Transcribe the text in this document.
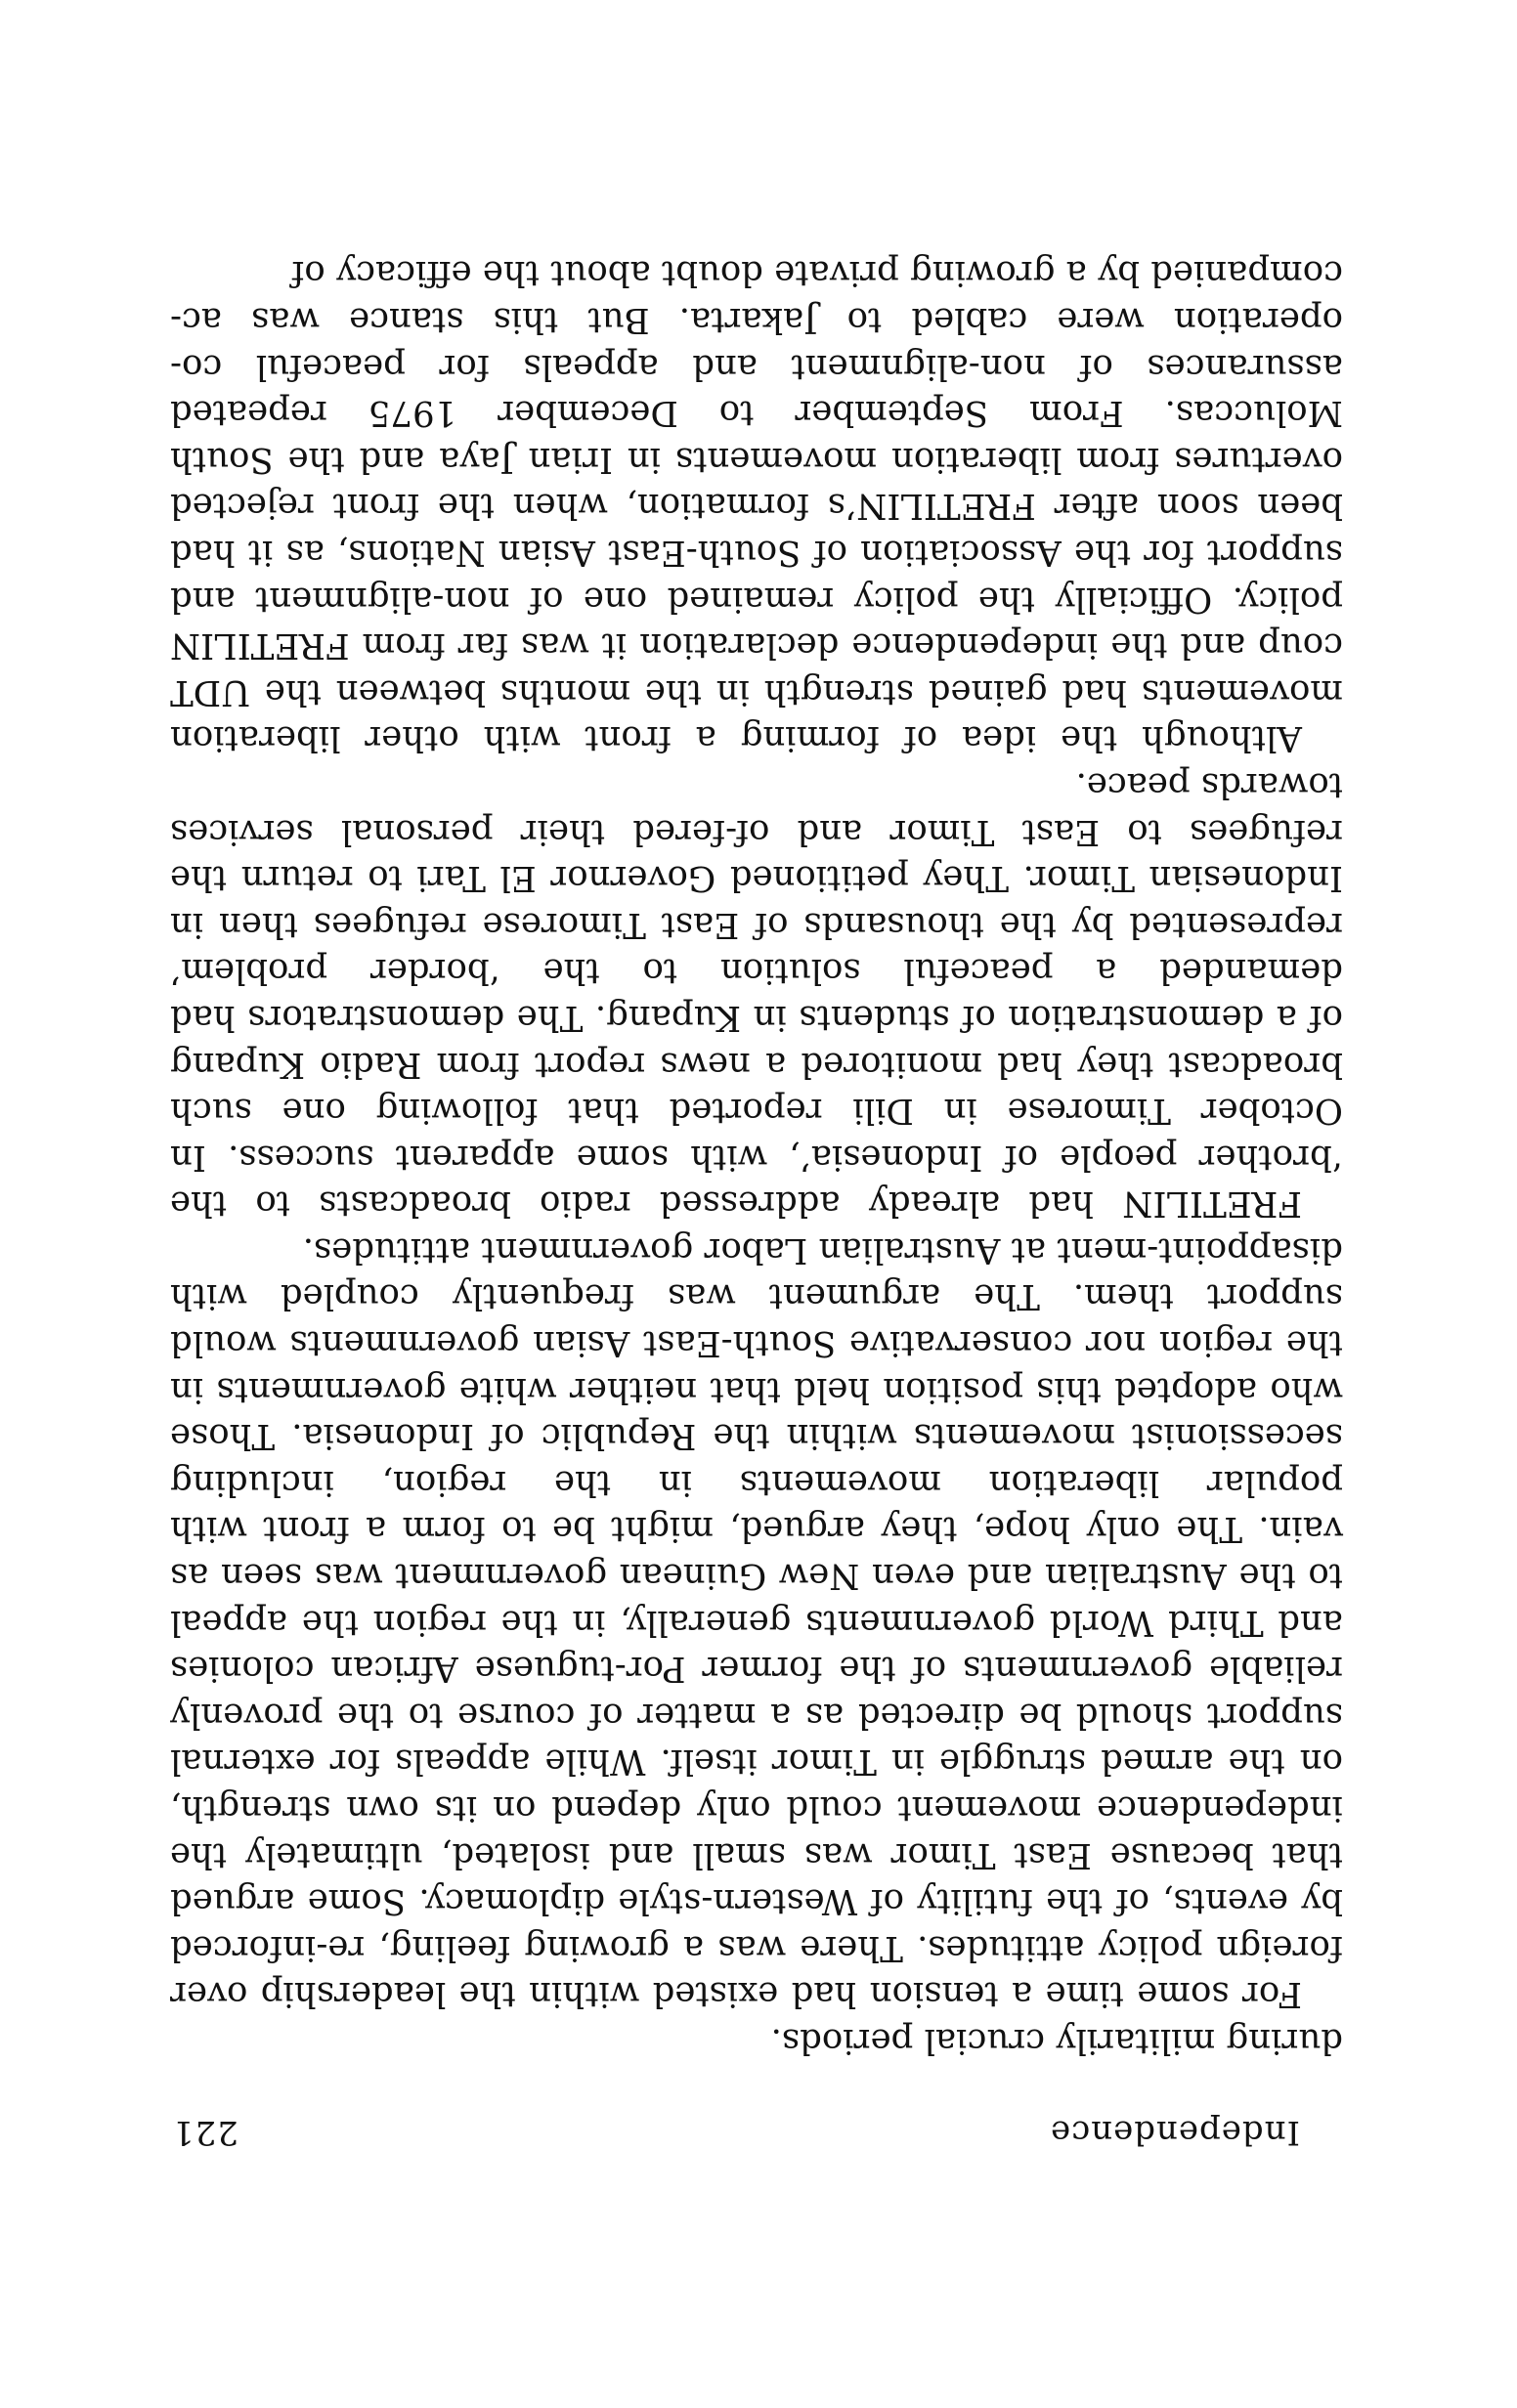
Independence
221

during militarily crucial periods.

For some time a tension had existed within the leadership over foreign policy attitudes. There was a growing feeling, re-inforced by events, of the futility of Western-style diplomacy. Some argued that because East Timor was small and isolated, ultimately the independence movement could only depend on its own strength, on the armed struggle in Timor itself. While appeals for external support should be directed as a matter of course to the provenly reliable governments of the former Por-tuguese African colonies and Third World governments generally, in the region the appeal to the Australian and even New Guinean government was seen as vain. The only hope, they argued, might be to form a front with popular liberation movements in the region, including secessionist movements within the Republic of Indonesia. Those who adopted this position held that neither white governments in the region nor conservative South-East Asian governments would support them. The argument was frequently coupled with disappoint-ment at Australian Labor government attitudes.

FRETILIN had already addressed radio broadcasts to the ‘brother people of Indonesia’, with some apparent success. In October Timorese in Dili reported that following one such broadcast they had monitored a news report from Radio Kupang of a demonstration of students in Kupang. The demonstrators had demanded a peaceful solution to the ‘border problem’ represented by the thousands of East Timorese refugees then in Indonesian Timor. They petitioned Governor El Tari to return the refugees to East Timor and of-fered their personal services towards peace.

Although the idea of forming a front with other liberation movements had gained strength in the months between the UDT coup and the independence declaration it was far from FRETILIN policy. Officially the policy remained one of non-alignment and support for the Association of South-East Asian Nations, as it had been soon after FRETILIN’s formation, when the front rejected overtures from liberation movements in Irian Jaya and the South Moluccas. From September to December 1975 repeated assurances of non-alignment and appeals for peaceful co-operation were cabled to Jakarta. But this stance was ac-companied by a growing private doubt about the efficacy of
